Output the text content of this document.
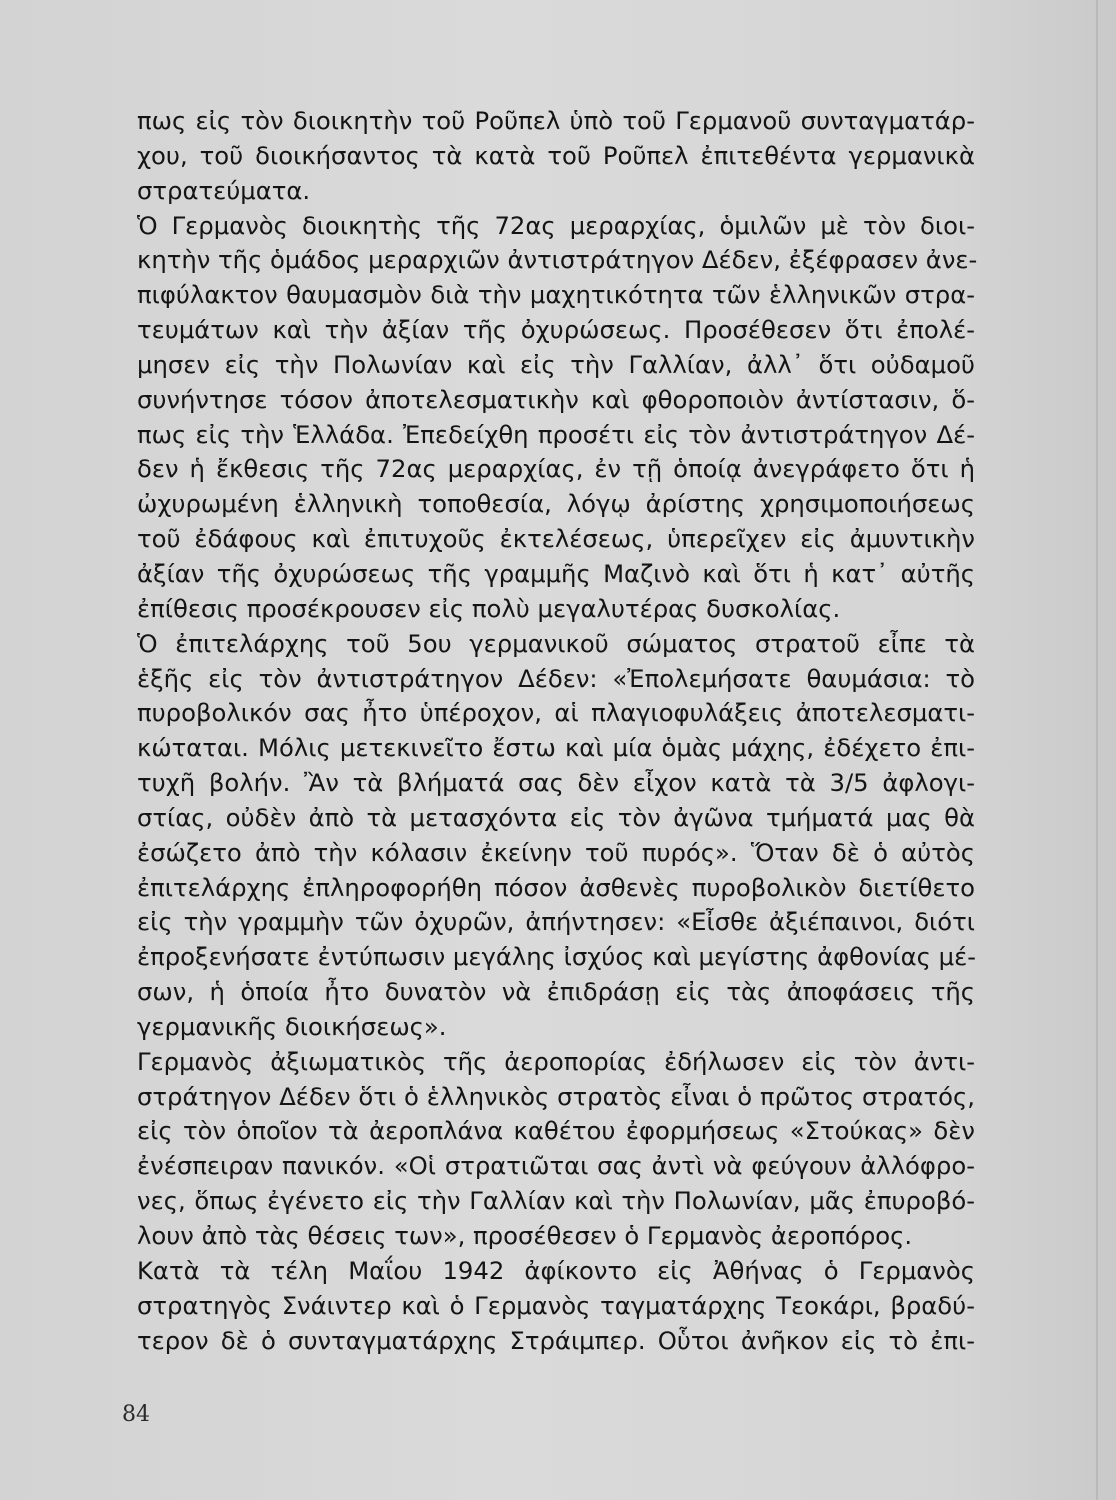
πως εἰς τὸν διοικητὴν τοῦ Ροῦπελ ὑπὸ τοῦ Γερμανοῦ συνταγματάρ-
χου, τοῦ διοικήσαντος τὰ κατὰ τοῦ Ροῦπελ ἐπιτεθέντα γερμανικὰ
στρατεύματα.
Ὁ Γερμανὸς διοικητὴς τῆς 72ας μεραρχίας, ὁμιλῶν μὲ τὸν διοι-
κητὴν τῆς ὁμάδος μεραρχιῶν ἀντιστράτηγον Δέδεν, ἐξέφρασεν ἀνε-
πιφύλακτον θαυμασμὸν διὰ τὴν μαχητικότητα τῶν ἑλληνικῶν στρα-
τευμάτων καὶ τὴν ἀξίαν τῆς ὀχυρώσεως. Προσέθεσεν ὅτι ἐπολέ-
μησεν εἰς τὴν Πολωνίαν καὶ εἰς τὴν Γαλλίαν, ἀλλ᾽ ὅτι οὐδαμοῦ
συνήντησε τόσον ἀποτελεσματικὴν καὶ φθοροποιὸν ἀντίστασιν, ὅ-
πως εἰς τὴν Ἑλλάδα. Ἐπεδείχθη προσέτι εἰς τὸν ἀντιστράτηγον Δέ-
δεν ἡ ἔκθεσις τῆς 72ας μεραρχίας, ἐν τῇ ὁποίᾳ ἀνεγράφετο ὅτι ἡ
ὠχυρωμένη ἑλληνικὴ τοποθεσία, λόγῳ ἀρίστης χρησιμοποιήσεως
τοῦ ἐδάφους καὶ ἐπιτυχοῦς ἐκτελέσεως, ὑπερεῖχεν εἰς ἀμυντικὴν
ἀξίαν τῆς ὀχυρώσεως τῆς γραμμῆς Μαζινὸ καὶ ὅτι ἡ κατ᾽ αὐτῆς
ἐπίθεσις προσέκρουσεν εἰς πολὺ μεγαλυτέρας δυσκολίας.
Ὁ ἐπιτελάρχης τοῦ 5ου γερμανικοῦ σώματος στρατοῦ εἶπε τὰ
ἑξῆς εἰς τὸν ἀντιστράτηγον Δέδεν: «Ἐπολεμήσατε θαυμάσια: τὸ
πυροβολικόν σας ἦτο ὑπέροχον, αἱ πλαγιοφυλάξεις ἀποτελεσματι-
κώταται. Μόλις μετεκινεῖτο ἔστω καὶ μία ὁμὰς μάχης, ἐδέχετο ἐπι-
τυχῆ βολήν. Ἂν τὰ βλήματά σας δὲν εἶχον κατὰ τὰ 3/5 ἀφλογι-
στίας, οὐδὲν ἀπὸ τὰ μετασχόντα εἰς τὸν ἀγῶνα τμήματά μας θὰ
ἐσώζετο ἀπὸ τὴν κόλασιν ἐκείνην τοῦ πυρός». Ὅταν δὲ ὁ αὐτὸς
ἐπιτελάρχης ἐπληροφορήθη πόσον ἀσθενὲς πυροβολικὸν διετίθετο
εἰς τὴν γραμμὴν τῶν ὀχυρῶν, ἀπήντησεν: «Εἶσθε ἀξιέπαινοι, διότι
ἐπροξενήσατε ἐντύπωσιν μεγάλης ἰσχύος καὶ μεγίστης ἀφθονίας μέ-
σων, ἡ ὁποία ἦτο δυνατὸν νὰ ἐπιδράσῃ εἰς τὰς ἀποφάσεις τῆς
γερμανικῆς διοικήσεως».
Γερμανὸς ἀξιωματικὸς τῆς ἀεροπορίας ἐδήλωσεν εἰς τὸν ἀντι-
στράτηγον Δέδεν ὅτι ὁ ἑλληνικὸς στρατὸς εἶναι ὁ πρῶτος στρατός,
εἰς τὸν ὁποῖον τὰ ἀεροπλάνα καθέτου ἐφορμήσεως «Στούκας» δὲν
ἐνέσπειραν πανικόν. «Οἱ στρατιῶται σας ἀντὶ νὰ φεύγουν ἀλλόφρο-
νες, ὅπως ἐγένετο εἰς τὴν Γαλλίαν καὶ τὴν Πολωνίαν, μᾶς ἐπυροβό-
λουν ἀπὸ τὰς θέσεις των», προσέθεσεν ὁ Γερμανὸς ἀεροπόρος.
Κατὰ τὰ τέλη Μαΐου 1942 ἀφίκοντο εἰς Ἀθήνας ὁ Γερμανὸς
στρατηγὸς Σνάιντερ καὶ ὁ Γερμανὸς ταγματάρχης Τεοκάρι, βραδύ-
τερον δὲ ὁ συνταγματάρχης Στράιμπερ. Οὗτοι ἀνῆκον εἰς τὸ ἐπι-
84
